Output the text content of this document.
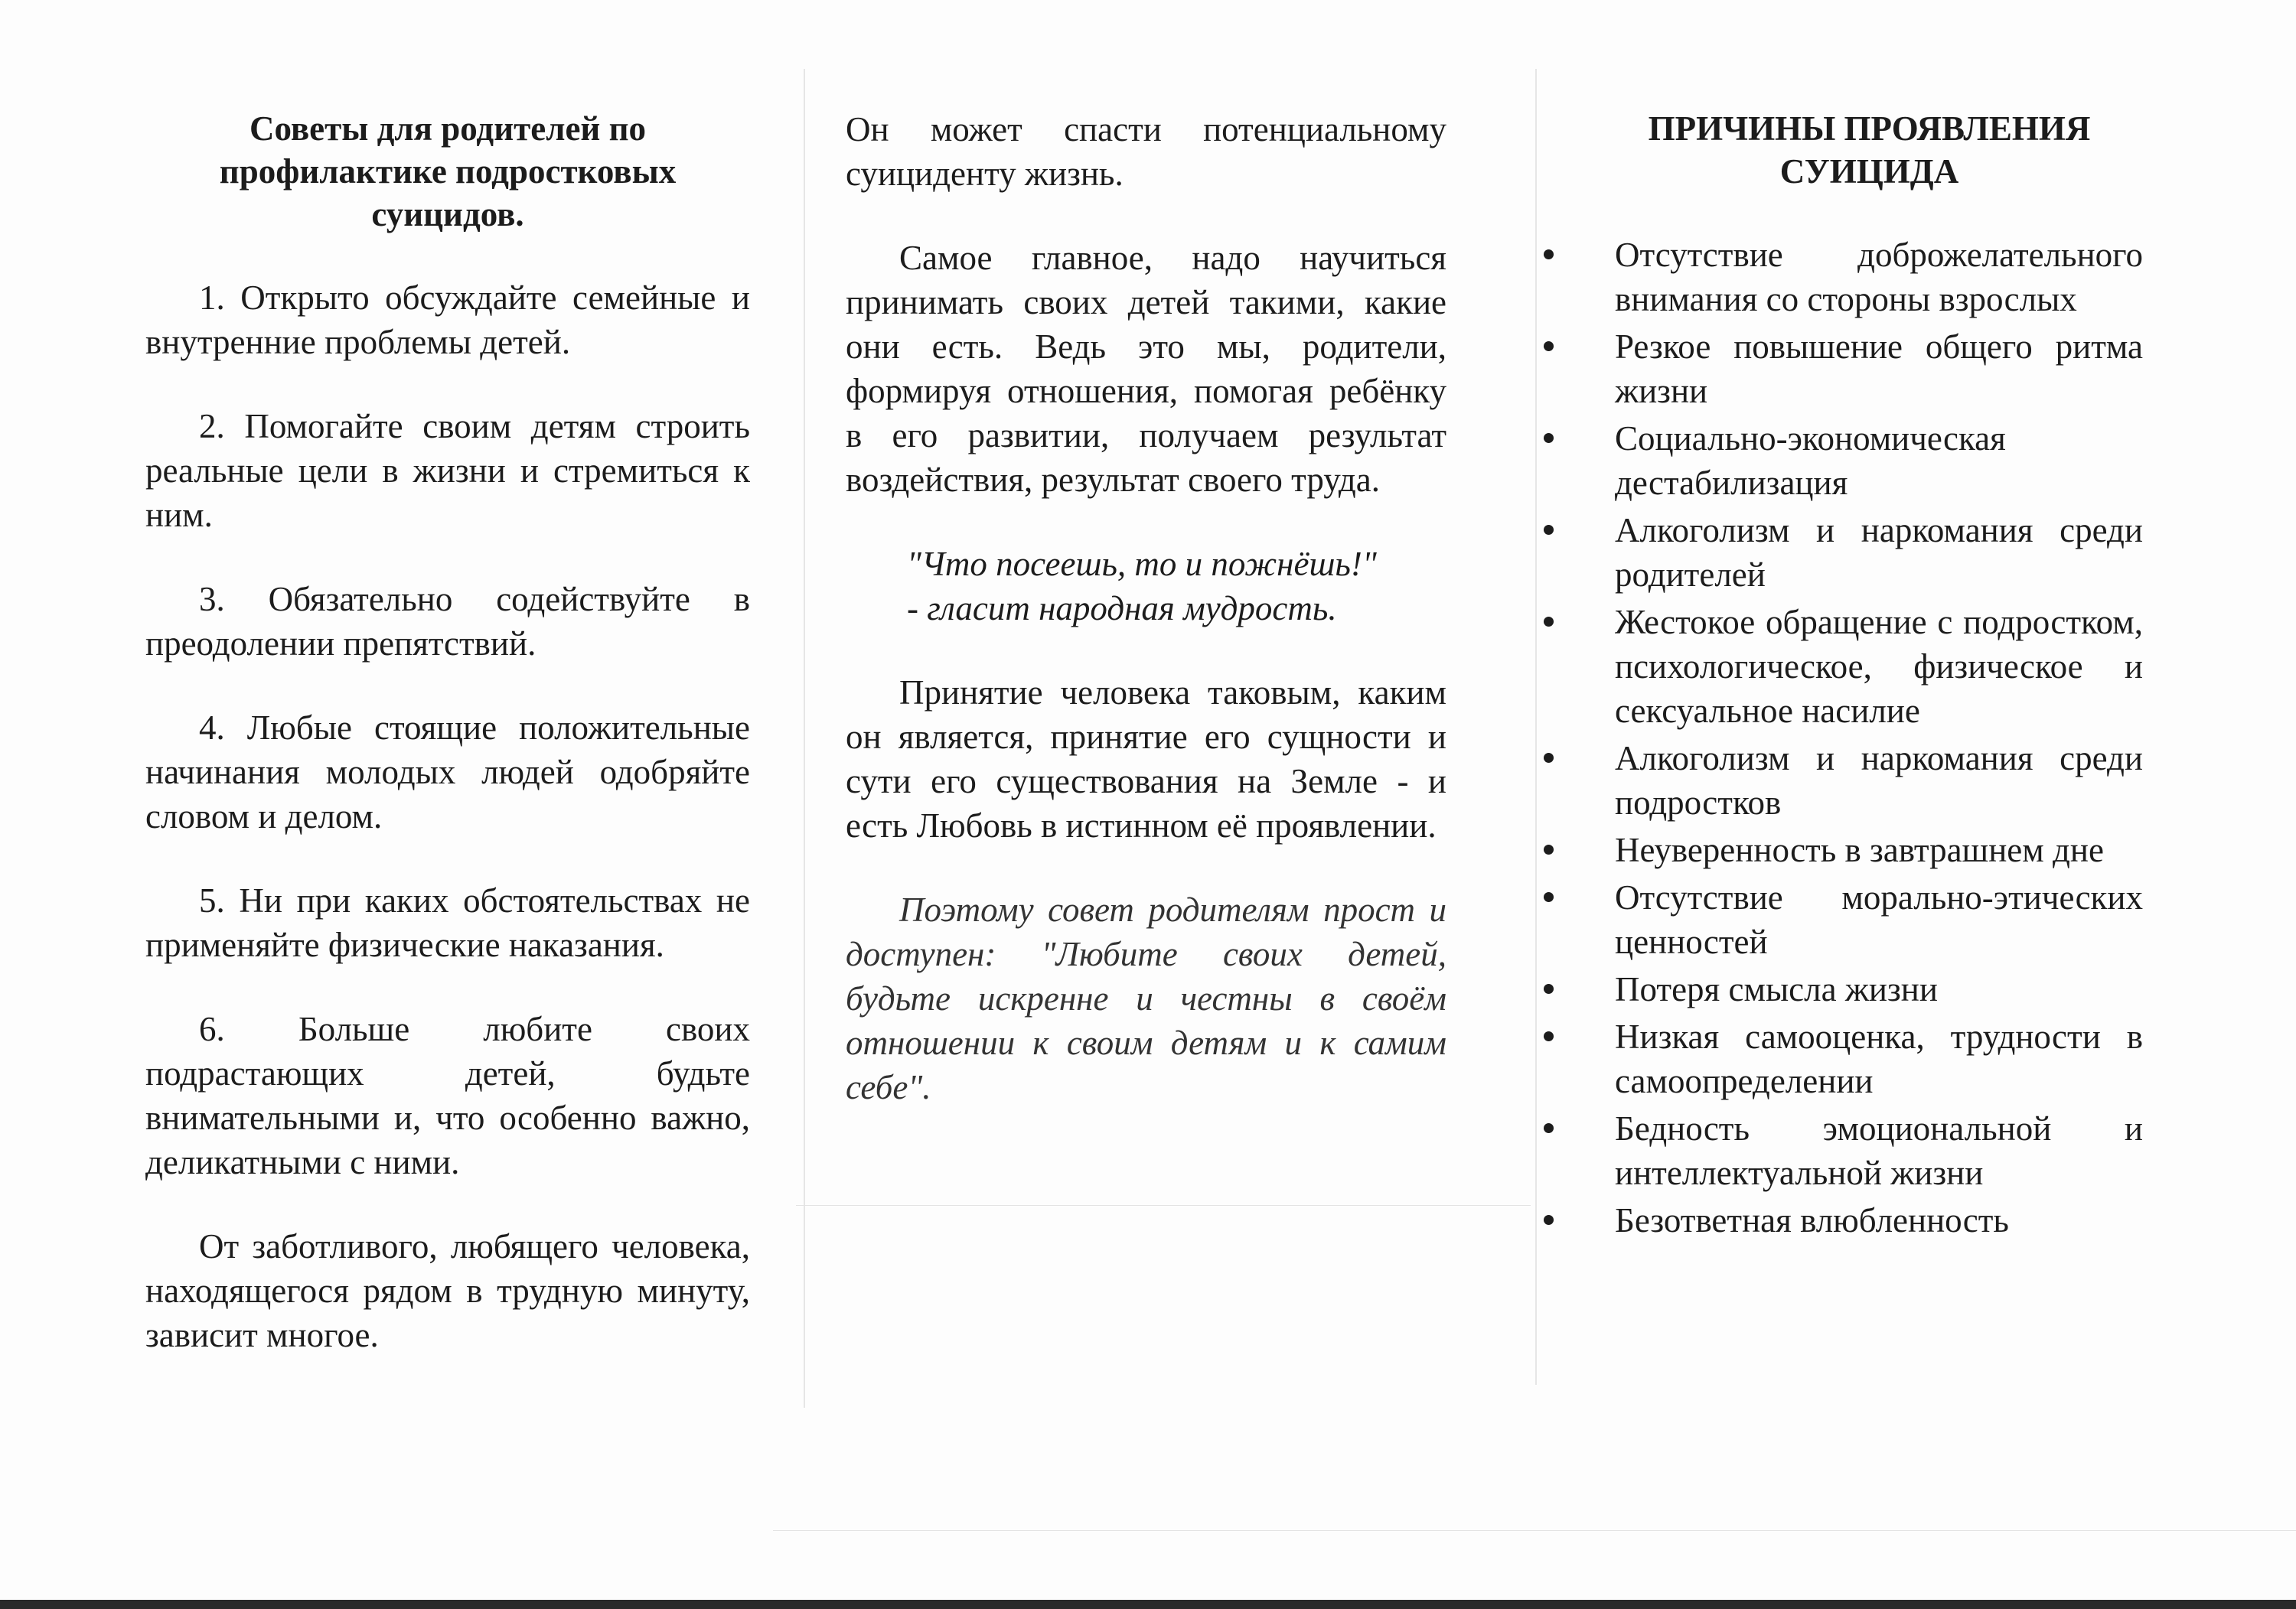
Советы для родителей по профилактике подростковых суицидов.

1. Открыто обсуждайте семейные и внутренние проблемы детей.

2. Помогайте своим детям строить реальные цели в жизни и стремиться к ним.

3. Обязательно содействуйте в преодолении препятствий.

4. Любые стоящие положительные начинания молодых людей одобряйте словом и делом.

5. Ни при каких обстоятельствах не применяйте физические наказания.

6. Больше любите своих подрастающих детей, будьте внимательными и, что особенно важно, деликатными с ними.

От заботливого, любящего человека, находящегося рядом в трудную минуту, зависит многое.

Он может спасти потенциальному суициденту жизнь.

Самое главное, надо научиться принимать своих детей такими, какие они есть. Ведь это мы, родители, формируя отношения, помогая ребёнку в его развитии, получаем результат воздействия, результат своего труда.

"Что посеешь, то и пожнёшь!"
- гласит народная мудрость.

Принятие человека таковым, каким он является, принятие его сущности и сути его существования на Земле - и есть Любовь в истинном её проявлении.

Поэтому совет родителям прост и доступен: "Любите своих детей, будьте искренне и честны в своём отношении к своим детям и к самим себе".

ПРИЧИНЫ ПРОЯВЛЕНИЯ
СУИЦИДА
Отсутствие доброжелательного внимания со стороны взрослых
Резкое повышение общего ритма жизни
Социально-экономическая дестабилизация
Алкоголизм и наркомания среди родителей
Жестокое обращение с подростком, психологическое, физическое и сексуальное насилие
Алкоголизм и наркомания среди подростков
Неуверенность в завтрашнем дне
Отсутствие морально-этических ценностей
Потеря смысла жизни
Низкая самооценка, трудности в самоопределении
Бедность эмоциональной и интеллектуальной жизни
Безответная влюбленность
